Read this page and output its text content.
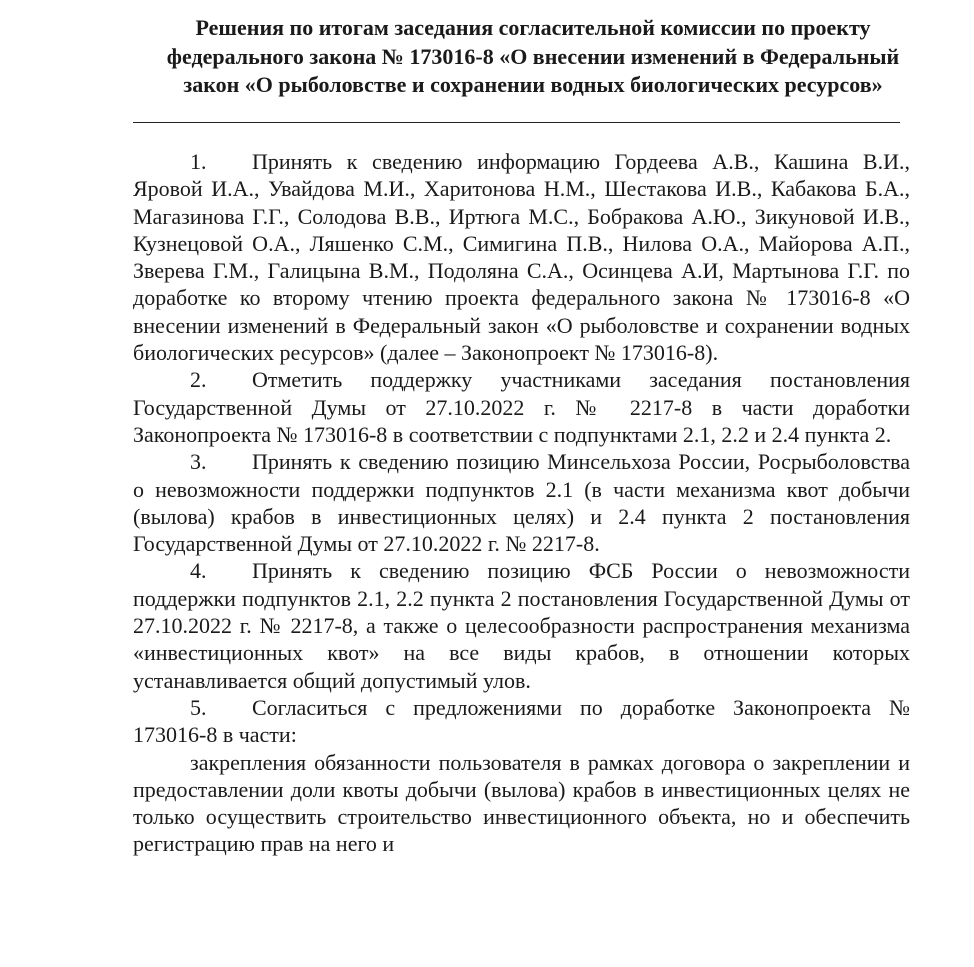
Решения по итогам заседания согласительной комиссии по проекту федерального закона № 173016-8 «О внесении изменений в Федеральный закон «О рыболовстве и сохранении водных биологических ресурсов»

1. Принять к сведению информацию Гордеева А.В., Кашина В.И., Яровой И.А., Увайдова М.И., Харитонова Н.М., Шестакова И.В., Кабакова Б.А., Магазинова Г.Г., Солодова В.В., Иртюга М.С., Бобракова А.Ю., Зикуновой И.В., Кузнецовой О.А., Ляшенко С.М., Симигина П.В., Нилова О.А., Майорова А.П., Зверева Г.М., Галицына В.М., Подоляна С.А., Осинцева А.И, Мартынова Г.Г. по доработке ко второму чтению проекта федерального закона № 173016-8 «О внесении изменений в Федеральный закон «О рыболовстве и сохранении водных биологических ресурсов» (далее – Законопроект № 173016-8).

2. Отметить поддержку участниками заседания постановления Государственной Думы от 27.10.2022 г. № 2217-8 в части доработки Законопроекта № 173016-8 в соответствии с подпунктами 2.1, 2.2 и 2.4 пункта 2.

3. Принять к сведению позицию Минсельхоза России, Росрыболовства о невозможности поддержки подпунктов 2.1 (в части механизма квот добычи (вылова) крабов в инвестиционных целях) и 2.4 пункта 2 постановления Государственной Думы от 27.10.2022 г. № 2217-8.

4. Принять к сведению позицию ФСБ России о невозможности поддержки подпунктов 2.1, 2.2 пункта 2 постановления Государственной Думы от 27.10.2022 г. № 2217-8, а также о целесообразности распространения механизма «инвестиционных квот» на все виды крабов, в отношении которых устанавливается общий допустимый улов.

5. Согласиться с предложениями по доработке Законопроекта № 173016-8 в части:

закрепления обязанности пользователя в рамках договора о закреплении и предоставлении доли квоты добычи (вылова) крабов в инвестиционных целях не только осуществить строительство инвестиционного объекта, но и обеспечить регистрацию прав на него и
